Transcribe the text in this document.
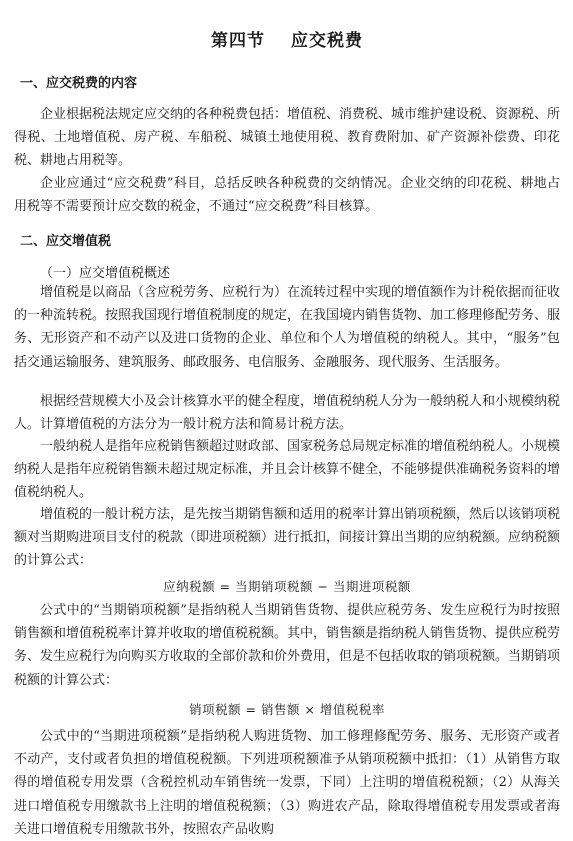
第四节 应交税费
一、应交税费的内容
企业根据税法规定应交纳的各种税费包括：增值税、消费税、城市维护建设税、资源税、所得税、土地增值税、房产税、车船税、城镇土地使用税、教育费附加、矿产资源补偿费、印花税、耕地占用税等。
企业应通过“应交税费”科目，总括反映各种税费的交纳情况。企业交纳的印花税、耕地占用税等不需要预计应交数的税金，不通过“应交税费”科目核算。
二、应交增值税
（一）应交增值税概述
增值税是以商品（含应税劳务、应税行为）在流转过程中实现的增值额作为计税依据而征收的一种流转税。按照我国现行增值税制度的规定，在我国境内销售货物、加工修理修配劳务、服务、无形资产和不动产以及进口货物的企业、单位和个人为增值税的纳税人。其中，“服务”包括交通运输服务、建筑服务、邮政服务、电信服务、金融服务、现代服务、生活服务。
根据经营规模大小及会计核算水平的健全程度，增值税纳税人分为一般纳税人和小规模纳税人。计算增值税的方法分为一般计税方法和简易计税方法。
一般纳税人是指年应税销售额超过财政部、国家税务总局规定标准的增值税纳税人。小规模纳税人是指年应税销售额未超过规定标准，并且会计核算不健全，不能够提供准确税务资料的增值税纳税人。
增值税的一般计税方法，是先按当期销售额和适用的税率计算出销项税额，然后以该销项税额对当期购进项目支付的税款（即进项税额）进行抵扣，间接计算出当期的应纳税额。应纳税额的计算公式：
应纳税额 = 当期销项税额 − 当期进项税额
公式中的“当期销项税额”是指纳税人当期销售货物、提供应税劳务、发生应税行为时按照销售额和增值税税率计算并收取的增值税税额。其中，销售额是指纳税人销售货物、提供应税劳务、发生应税行为向购买方收取的全部价款和价外费用，但是不包括收取的销项税额。当期销项税额的计算公式：
销项税额 = 销售额 × 增值税税率
公式中的“当期进项税额”是指纳税人购进货物、加工修理修配劳务、服务、无形资产或者不动产，支付或者负担的增值税税额。下列进项税额准予从销项税额中抵扣：（1）从销售方取得的增值税专用发票（含税控机动车销售统一发票，下同）上注明的增值税税额；（2）从海关进口增值税专用缴款书上注明的增值税税额；（3）购进农产品，除取得增值税专用发票或者海关进口增值税专用缴款书外，按照农产品收购
